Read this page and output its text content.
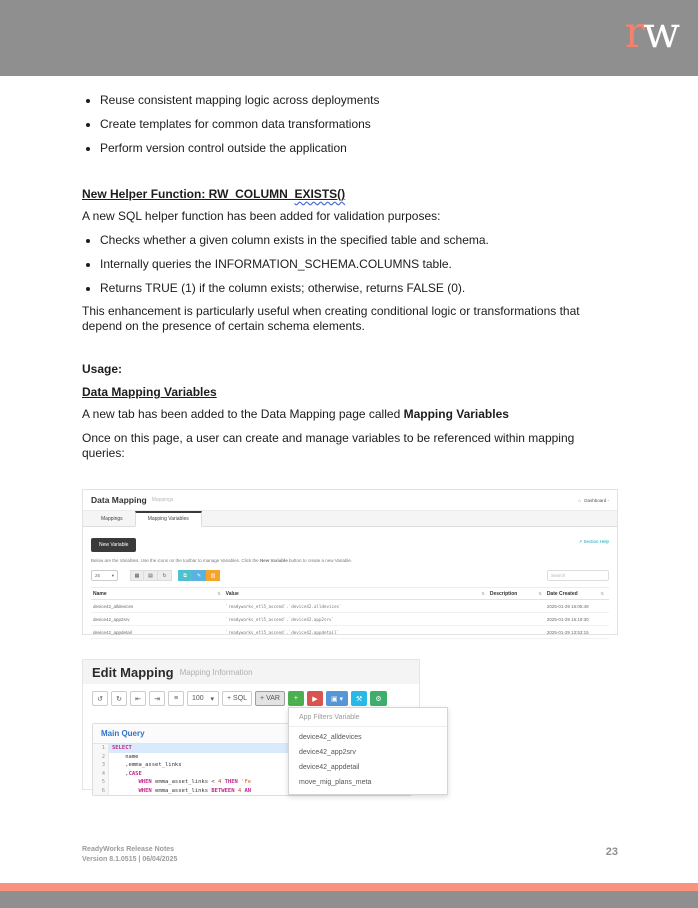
rw
• Reuse consistent mapping logic across deployments
• Create templates for common data transformations
• Perform version control outside the application
New Helper Function: RW_COLUMN_EXISTS()
A new SQL helper function has been added for validation purposes:
• Checks whether a given column exists in the specified table and schema.
• Internally queries the INFORMATION_SCHEMA.COLUMNS table.
• Returns TRUE (1) if the column exists; otherwise, returns FALSE (0).
This enhancement is particularly useful when creating conditional logic or transformations that depend on the presence of certain schema elements.
Usage:
Data Mapping Variables
A new tab has been added to the Data Mapping page called Mapping Variables
Once on this page, a user can create and manage variables to be referenced within mapping queries:
Data Mapping Mappings	⌂ Dashboard -
Mappings	Mapping Variables
New Variable
↗ Section Help
Below are the Variables. Use the icons on the toolbar to manage Variables. Click the New Variable button to create a new Variable.
25	▾	▦ ▤ ↻	⧉ ✎ ▥
Search
Name	⇅ Value	⇅ Description	⇅ Date Created	⇅
device42_alldevices	`readyworks_etl5_ascend`.`device42.alldevices`	2025-01-29 15:05:49
device42_app2srv	`readyworks_etl5_ascend`.`device42.app2srv`	2025-01-29 15:19:30
device42_appdetail	`readyworks_etl5_ascend`.`device42.appdetail`	2025-01-29 13:53:15
Edit Mapping Mapping Information
↺ ↻ ⇤ ⇥ ≡ 100 ▾	+ SQL	+ VAR	+ ▶ ▣
▾ ⚒ ⚙
Main Query
1	SELECT
2	name
3	,emma_asset_links
4	,CASE
5	WHEN emma_asset_links < 4 THEN 'Fe
6	WHEN emma_asset_links BETWEEN 4 AN
App Filters Variable
device42_alldevices
device42_app2srv
device42_appdetail
move_mig_plans_meta
ReadyWorks Release Notes
Version 8.1.0515 | 06/04/2025
23
